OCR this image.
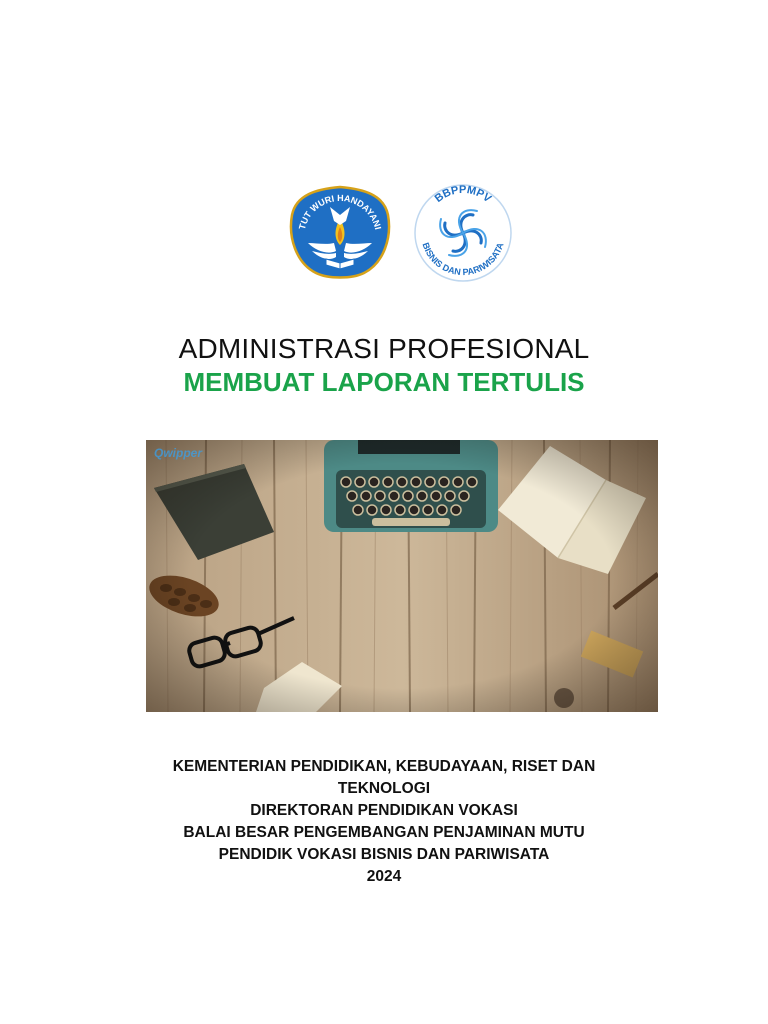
TUT WURI HANDAYANI
BBPPMPV
BISNIS DAN PARIWISATA
ADMINISTRASI PROFESIONAL
MEMBUAT LAPORAN TERTULIS
Qwipper
KEMENTERIAN PENDIDIKAN, KEBUDAYAAN, RISET DAN
TEKNOLOGI
DIREKTORAN PENDIDIKAN VOKASI
BALAI BESAR PENGEMBANGAN PENJAMINAN MUTU
PENDIDIK VOKASI BISNIS DAN PARIWISATA
2024
